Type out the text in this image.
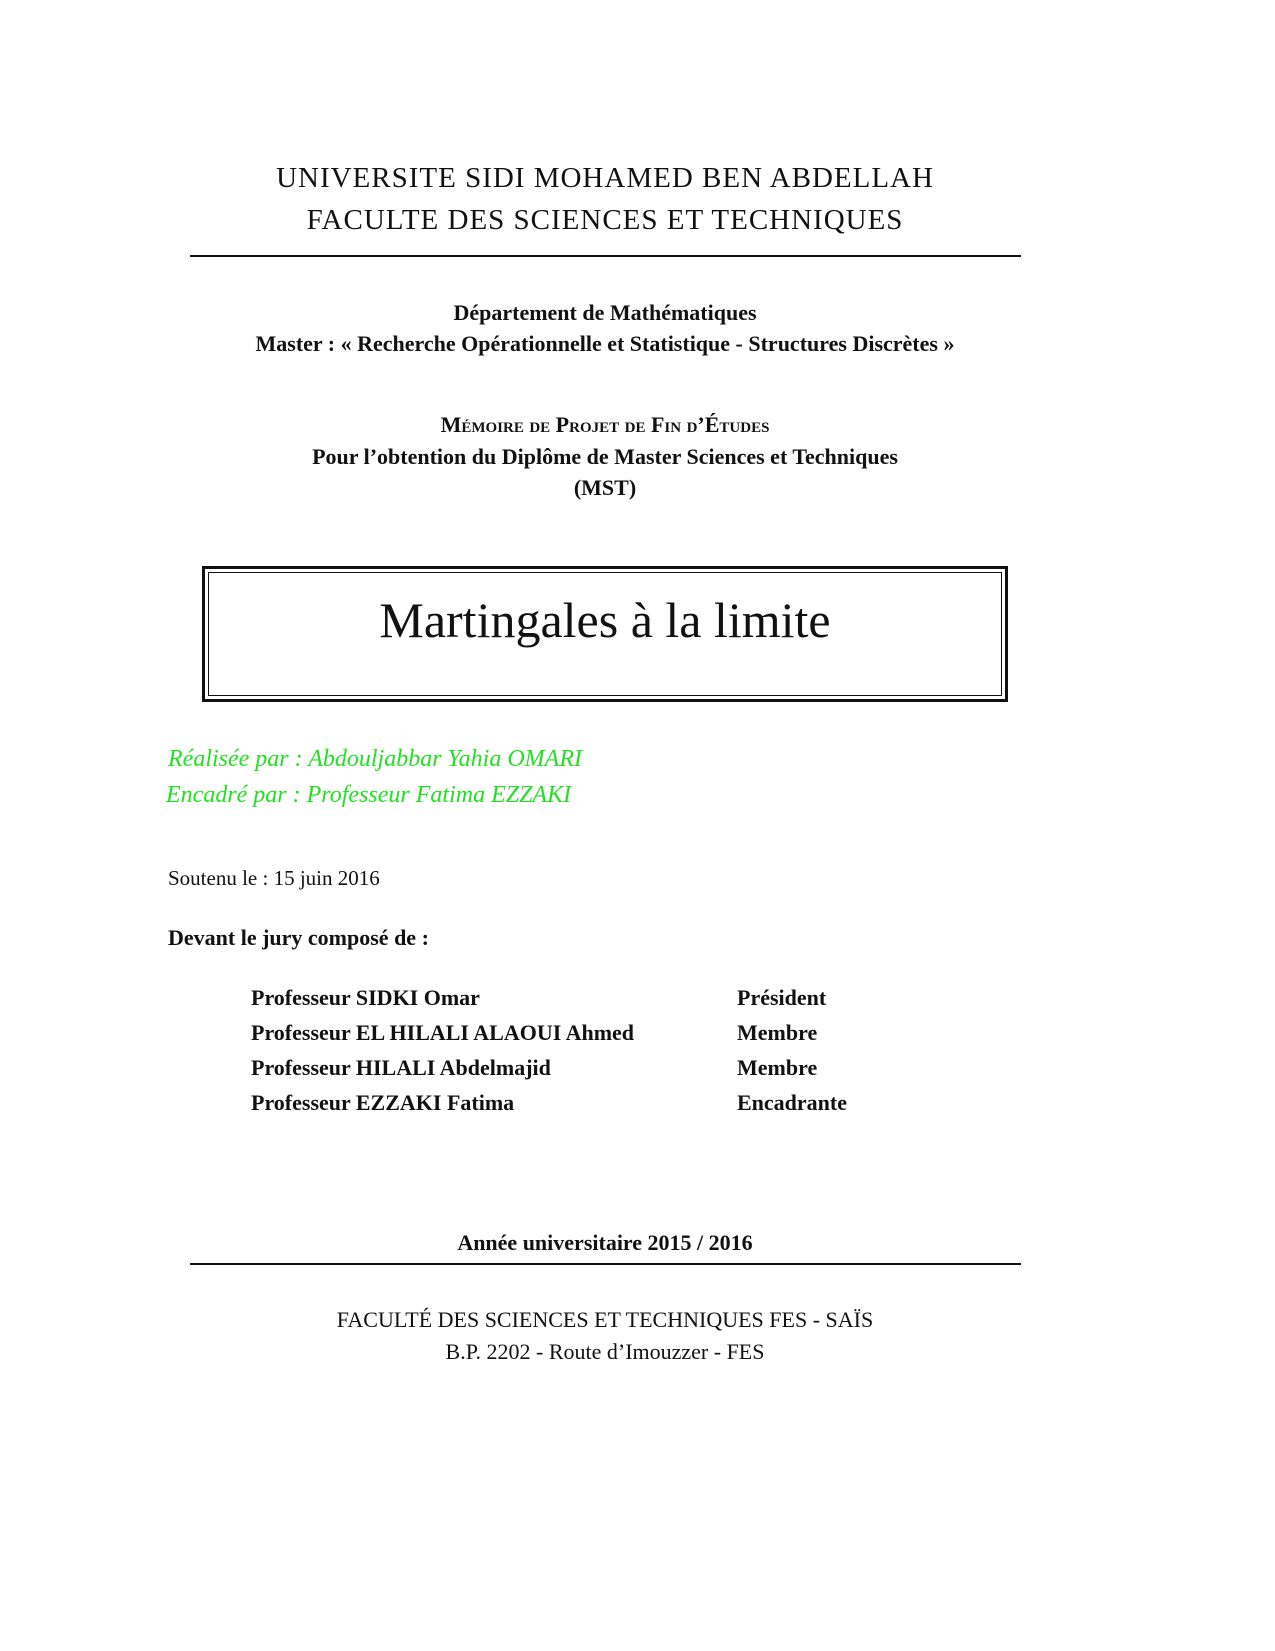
UNIVERSITE SIDI MOHAMED BEN ABDELLAH
FACULTE DES SCIENCES ET TECHNIQUES
Département de Mathématiques
Master : « Recherche Opérationnelle et Statistique - Structures Discrètes »
Mémoire de Projet de Fin d’Études
Pour l’obtention du Diplôme de Master Sciences et Techniques
(MST)
Martingales à la limite
Réalisée par : Abdouljabbar Yahia OMARI
Encadré par : Professeur Fatima EZZAKI
Soutenu le : 15 juin 2016
Devant le jury composé de :
Professeur SIDKI Omar	Président
Professeur EL HILALI ALAOUI Ahmed	Membre
Professeur HILALI Abdelmajid	Membre
Professeur EZZAKI Fatima	Encadrante
Année universitaire 2015 / 2016
FACULTÉ DES SCIENCES ET TECHNIQUES FES - SAÏS
B.P. 2202 - Route d’Imouzzer - FES
